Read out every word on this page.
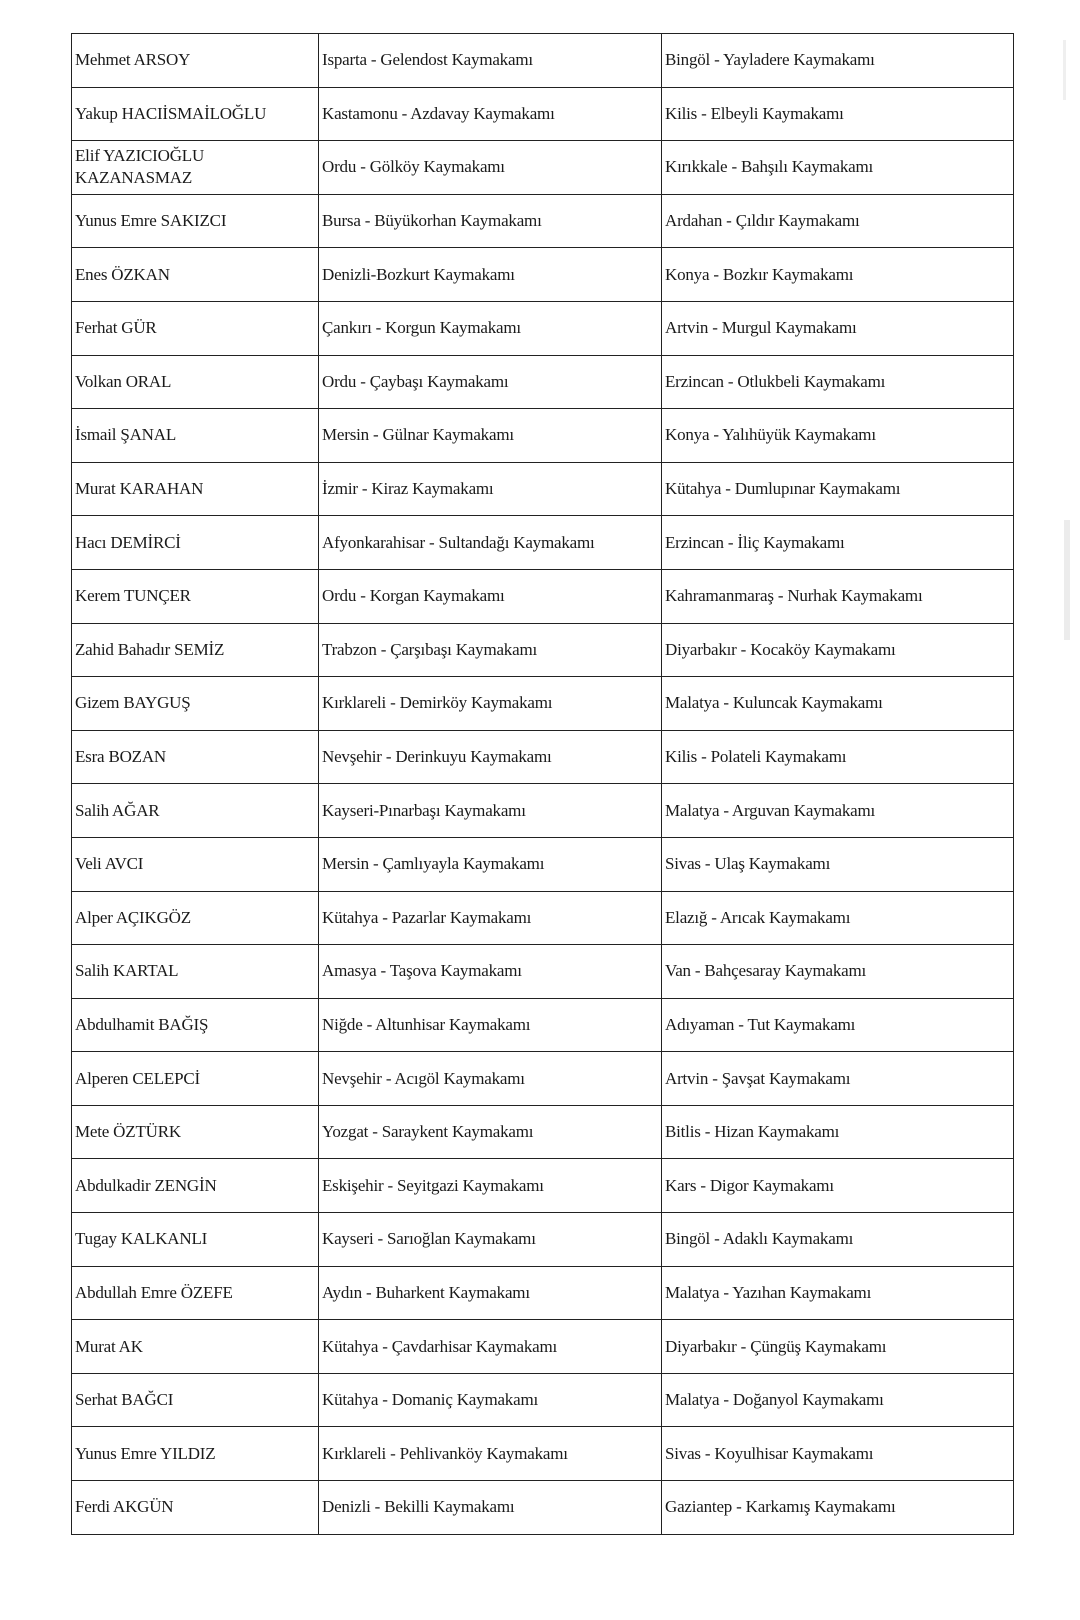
Mehmet ARSOY	Isparta - Gelendost Kaymakamı	Bingöl - Yayladere Kaymakamı
Yakup HACIİSMAİLOĞLU	Kastamonu - Azdavay Kaymakamı	Kilis - Elbeyli Kaymakamı
Elif YAZICIOĞLU KAZANASMAZ	Ordu - Gölköy Kaymakamı	Kırıkkale - Bahşılı Kaymakamı
Yunus Emre SAKIZCI	Bursa - Büyükorhan Kaymakamı	Ardahan - Çıldır Kaymakamı
Enes ÖZKAN	Denizli-Bozkurt Kaymakamı	Konya - Bozkır Kaymakamı
Ferhat GÜR	Çankırı - Korgun Kaymakamı	Artvin - Murgul Kaymakamı
Volkan ORAL	Ordu - Çaybaşı Kaymakamı	Erzincan - Otlukbeli Kaymakamı
İsmail ŞANAL	Mersin - Gülnar Kaymakamı	Konya - Yalıhüyük Kaymakamı
Murat KARAHAN	İzmir - Kiraz Kaymakamı	Kütahya - Dumlupınar Kaymakamı
Hacı DEMİRCİ	Afyonkarahisar - Sultandağı Kaymakamı	Erzincan - İliç Kaymakamı
Kerem TUNÇER	Ordu - Korgan Kaymakamı	Kahramanmaraş - Nurhak Kaymakamı
Zahid Bahadır SEMİZ	Trabzon - Çarşıbaşı Kaymakamı	Diyarbakır - Kocaköy Kaymakamı
Gizem BAYGUŞ	Kırklareli - Demirköy Kaymakamı	Malatya - Kuluncak Kaymakamı
Esra BOZAN	Nevşehir - Derinkuyu Kaymakamı	Kilis - Polateli Kaymakamı
Salih AĞAR	Kayseri-Pınarbaşı Kaymakamı	Malatya - Arguvan Kaymakamı
Veli AVCI	Mersin - Çamlıyayla Kaymakamı	Sivas - Ulaş Kaymakamı
Alper AÇIKGÖZ	Kütahya - Pazarlar Kaymakamı	Elazığ - Arıcak Kaymakamı
Salih KARTAL	Amasya - Taşova Kaymakamı	Van - Bahçesaray Kaymakamı
Abdulhamit BAĞIŞ	Niğde - Altunhisar Kaymakamı	Adıyaman - Tut Kaymakamı
Alperen CELEPCİ	Nevşehir - Acıgöl Kaymakamı	Artvin - Şavşat Kaymakamı
Mete ÖZTÜRK	Yozgat - Saraykent Kaymakamı	Bitlis - Hizan Kaymakamı
Abdulkadir ZENGİN	Eskişehir - Seyitgazi Kaymakamı	Kars - Digor Kaymakamı
Tugay KALKANLI	Kayseri - Sarıoğlan Kaymakamı	Bingöl - Adaklı Kaymakamı
Abdullah Emre ÖZEFE	Aydın - Buharkent Kaymakamı	Malatya - Yazıhan Kaymakamı
Murat AK	Kütahya - Çavdarhisar Kaymakamı	Diyarbakır - Çüngüş Kaymakamı
Serhat BAĞCI	Kütahya - Domaniç Kaymakamı	Malatya - Doğanyol Kaymakamı
Yunus Emre YILDIZ	Kırklareli - Pehlivanköy Kaymakamı	Sivas - Koyulhisar Kaymakamı
Ferdi AKGÜN	Denizli - Bekilli Kaymakamı	Gaziantep - Karkamış Kaymakamı
